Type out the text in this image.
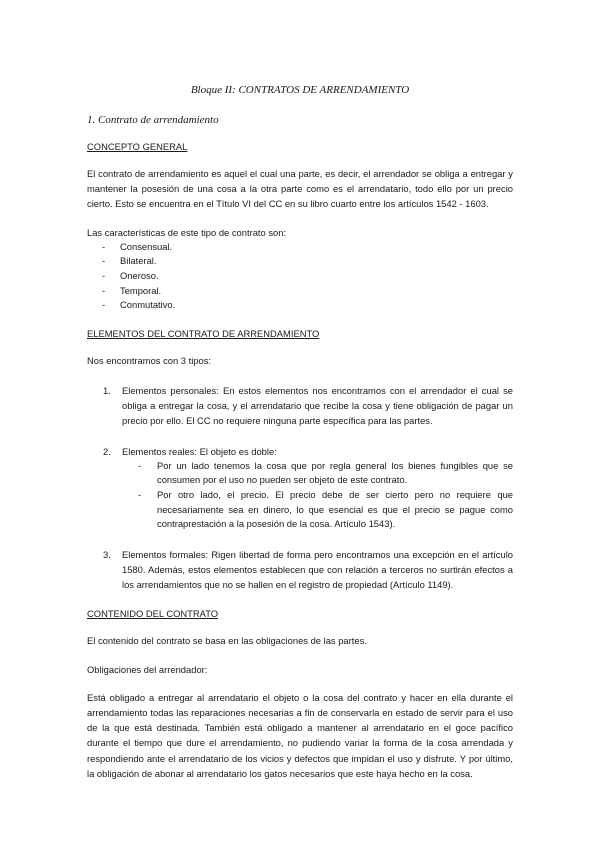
Bloque II: CONTRATOS DE ARRENDAMIENTO
1. Contrato de arrendamiento
CONCEPTO GENERAL

El contrato de arrendamiento es aquel el cual una parte, es decir, el arrendador se obliga a entregar y mantener la posesión de una cosa a la otra parte como es el arrendatario, todo ello por un precio cierto. Esto se encuentra en el Título VI del CC en su libro cuarto entre los artículos 1542 - 1603.

Las características de este tipo de contrato son:

- Consensual.
- Bilateral.
- Oneroso.
- Temporal.
- Conmutativo.
ELEMENTOS DEL CONTRATO DE ARRENDAMIENTO

Nos encontramos con 3 tipos:

1. Elementos personales: En estos elementos nos encontramos con el arrendador el cual se obliga a entregar la cosa, y el arrendatario que recibe la cosa y tiene obligación de pagar un precio por ello. El CC no requiere ninguna parte específica para las partes.
2. Elementos reales: El objeto es doble:
- Por un lado tenemos la cosa que por regla general los bienes fungibles que se consumen por el uso no pueden ser objeto de este contrato.
- Por otro lado, el precio. El precio debe de ser cierto pero no requiere que necesariamente sea en dinero, lo que esencial es que el precio se pague como contraprestación a la posesión de la cosa. Artículo 1543).
3. Elementos formales: Rigen libertad de forma pero encontramos una excepción en el artículo 1580. Además, estos elementos establecen que con relación a terceros no surtirán efectos a los arrendamientos que no se hallen en el registro de propiedad (Artículo 1149).
CONTENIDO DEL CONTRATO

El contenido del contrato se basa en las obligaciones de las partes.

Obligaciones del arrendador:

Está obligado a entregar al arrendatario el objeto o la cosa del contrato y hacer en ella durante el arrendamiento todas las reparaciones necesarias a fin de conservarla en estado de servir para el uso de la que está destinada. También está obligado a mantener al arrendatario en el goce pacífico durante el tiempo que dure el arrendamiento, no pudiendo variar la forma de la cosa arrendada y respondiendo ante el arrendatario de los vicios y defectos que impidan el uso y disfrute. Y por último, la obligación de abonar al arrendatario los gatos necesarios que este haya hecho en la cosa.
